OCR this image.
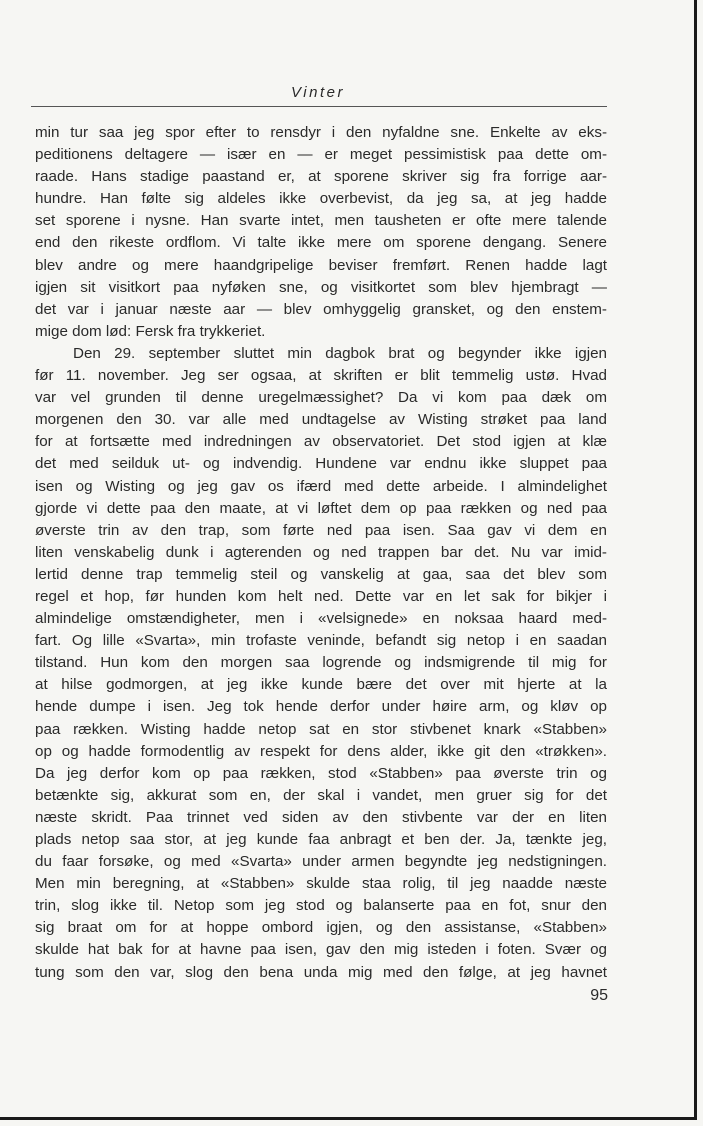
Vinter
min tur saa jeg spor efter to rensdyr i den nyfaldne sne. Enkelte av eks-
peditionens deltagere — især en — er meget pessimistisk paa dette om-
raade. Hans stadige paastand er, at sporene skriver sig fra forrige aar-
hundre. Han følte sig aldeles ikke overbevist, da jeg sa, at jeg hadde
set sporene i nysne. Han svarte intet, men tausheten er ofte mere talende
end den rikeste ordflom. Vi talte ikke mere om sporene dengang. Senere
blev andre og mere haandgripelige beviser fremført. Renen hadde lagt
igjen sit visitkort paa nyføken sne, og visitkortet som blev hjembragt —
det var i januar næste aar — blev omhyggelig gransket, og den enstem-
mige dom lød: Fersk fra trykkeriet.
Den 29. september sluttet min dagbok brat og begynder ikke igjen
før 11. november. Jeg ser ogsaa, at skriften er blit temmelig ustø. Hvad
var vel grunden til denne uregelmæssighet? Da vi kom paa dæk om
morgenen den 30. var alle med undtagelse av Wisting strøket paa land
for at fortsætte med indredningen av observatoriet. Det stod igjen at klæ
det med seilduk ut- og indvendig. Hundene var endnu ikke sluppet paa
isen og Wisting og jeg gav os ifærd med dette arbeide. I almindelighet
gjorde vi dette paa den maate, at vi løftet dem op paa rækken og ned paa
øverste trin av den trap, som førte ned paa isen. Saa gav vi dem en
liten venskabelig dunk i agterenden og ned trappen bar det. Nu var imid-
lertid denne trap temmelig steil og vanskelig at gaa, saa det blev som
regel et hop, før hunden kom helt ned. Dette var en let sak for bikjer i
almindelige omstændigheter, men i «velsignede» en noksaa haard med-
fart. Og lille «Svarta», min trofaste veninde, befandt sig netop i en saadan
tilstand. Hun kom den morgen saa logrende og indsmigrende til mig for
at hilse godmorgen, at jeg ikke kunde bære det over mit hjerte at la
hende dumpe i isen. Jeg tok hende derfor under høire arm, og kløv op
paa rækken. Wisting hadde netop sat en stor stivbenet knark «Stabben»
op og hadde formodentlig av respekt for dens alder, ikke git den «trøkken».
Da jeg derfor kom op paa rækken, stod «Stabben» paa øverste trin og
betænkte sig, akkurat som en, der skal i vandet, men gruer sig for det
næste skridt. Paa trinnet ved siden av den stivbente var der en liten
plads netop saa stor, at jeg kunde faa anbragt et ben der. Ja, tænkte jeg,
du faar forsøke, og med «Svarta» under armen begyndte jeg nedstigningen.
Men min beregning, at «Stabben» skulde staa rolig, til jeg naadde næste
trin, slog ikke til. Netop som jeg stod og balanserte paa en fot, snur den
sig braat om for at hoppe ombord igjen, og den assistanse, «Stabben»
skulde hat bak for at havne paa isen, gav den mig isteden i foten. Svær og
tung som den var, slog den bena unda mig med den følge, at jeg havnet
95
